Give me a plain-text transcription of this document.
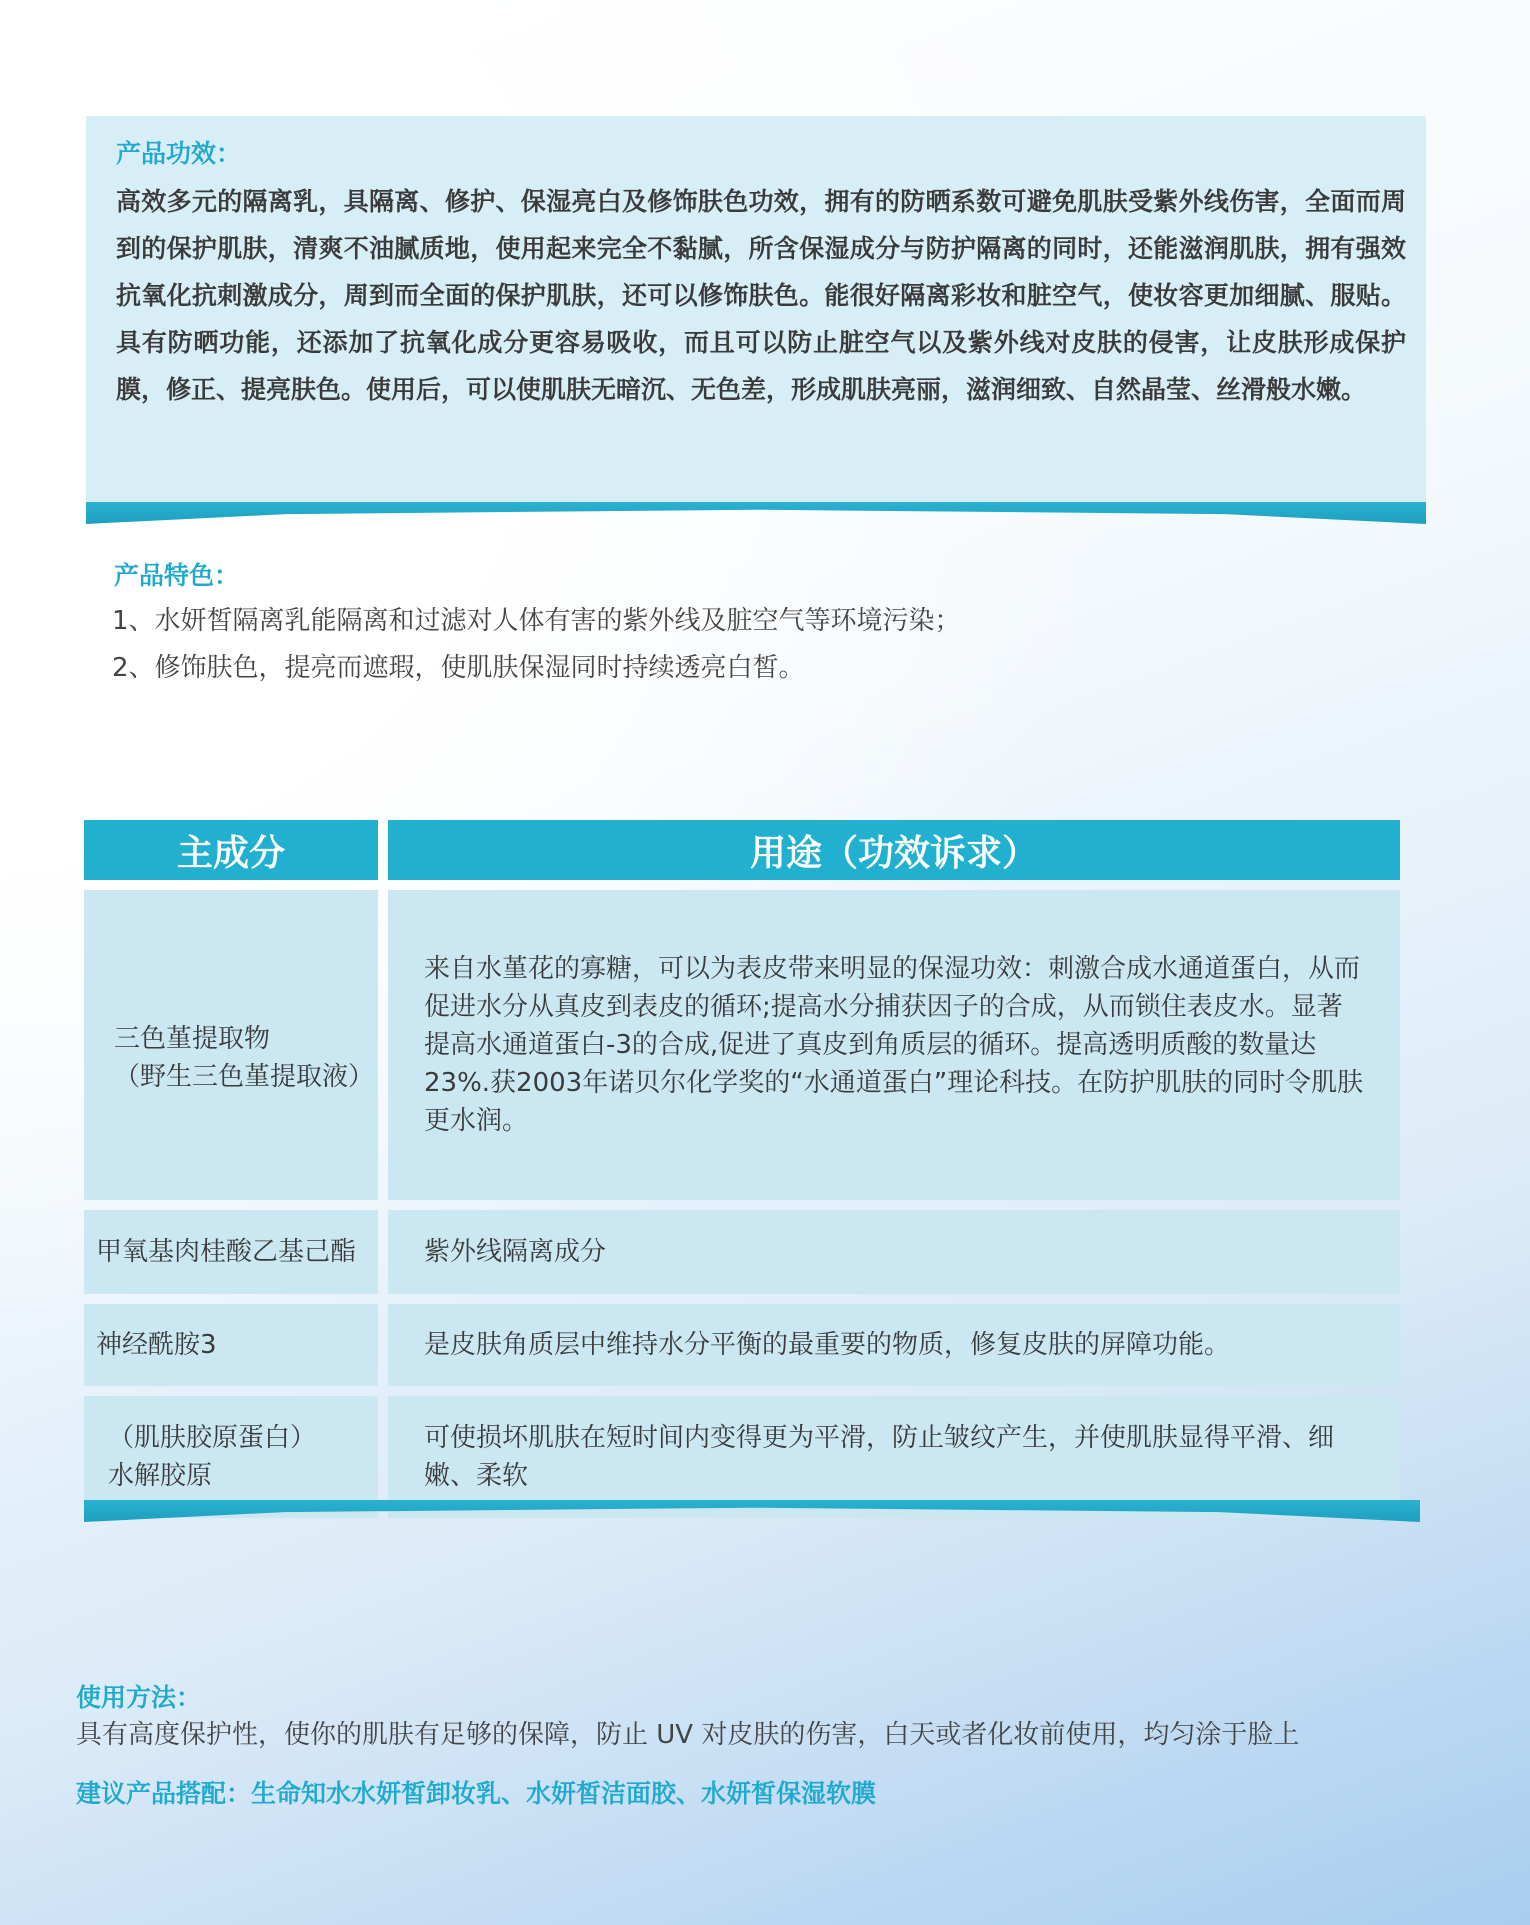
产品功效：
高效多元的隔离乳，具隔离、修护、保湿亮白及修饰肤色功效，拥有的防晒系数可避免肌肤受紫外线伤害，全面而周到的保护肌肤，清爽不油腻质地，使用起来完全不黏腻，所含保湿成分与防护隔离的同时，还能滋润肌肤，拥有强效抗氧化抗刺激成分，周到而全面的保护肌肤，还可以修饰肤色。能很好隔离彩妆和脏空气，使妆容更加细腻、服贴。具有防晒功能，还添加了抗氧化成分更容易吸收，而且可以防止脏空气以及紫外线对皮肤的侵害，让皮肤形成保护膜，修正、提亮肤色。使用后，可以使肌肤无暗沉、无色差，形成肌肤亮丽，滋润细致、自然晶莹、丝滑般水嫩。
产品特色：
1、水妍皙隔离乳能隔离和过滤对人体有害的紫外线及脏空气等环境污染；
2、修饰肤色，提亮而遮瑕，使肌肤保湿同时持续透亮白皙。
主成分	用途（功效诉求）

三色堇提取物
（野生三色堇提取液）	来自水堇花的寡糖，可以为表皮带来明显的保湿功效：刺激合成水通道蛋白，从而促进水分从真皮到表皮的循环;提高水分捕获因子的合成，从而锁住表皮水。显著提高水通道蛋白-3的合成,促进了真皮到角质层的循环。提高透明质酸的数量达23%.获2003年诺贝尔化学奖的“水通道蛋白”理论科技。在防护肌肤的同时令肌肤更水润。

甲氧基肉桂酸乙基己酯	紫外线隔离成分

神经酰胺3	是皮肤角质层中维持水分平衡的最重要的物质，修复皮肤的屏障功能。

（肌肤胶原蛋白）
水解胶原	可使损坏肌肤在短时间内变得更为平滑，防止皱纹产生，并使肌肤显得平滑、细嫩、柔软
使用方法：
具有高度保护性，使你的肌肤有足够的保障，防止 UV 对皮肤的伤害，白天或者化妆前使用，均匀涂于脸上
建议产品搭配：生命知水水妍皙卸妆乳、水妍皙洁面胶、水妍皙保湿软膜
